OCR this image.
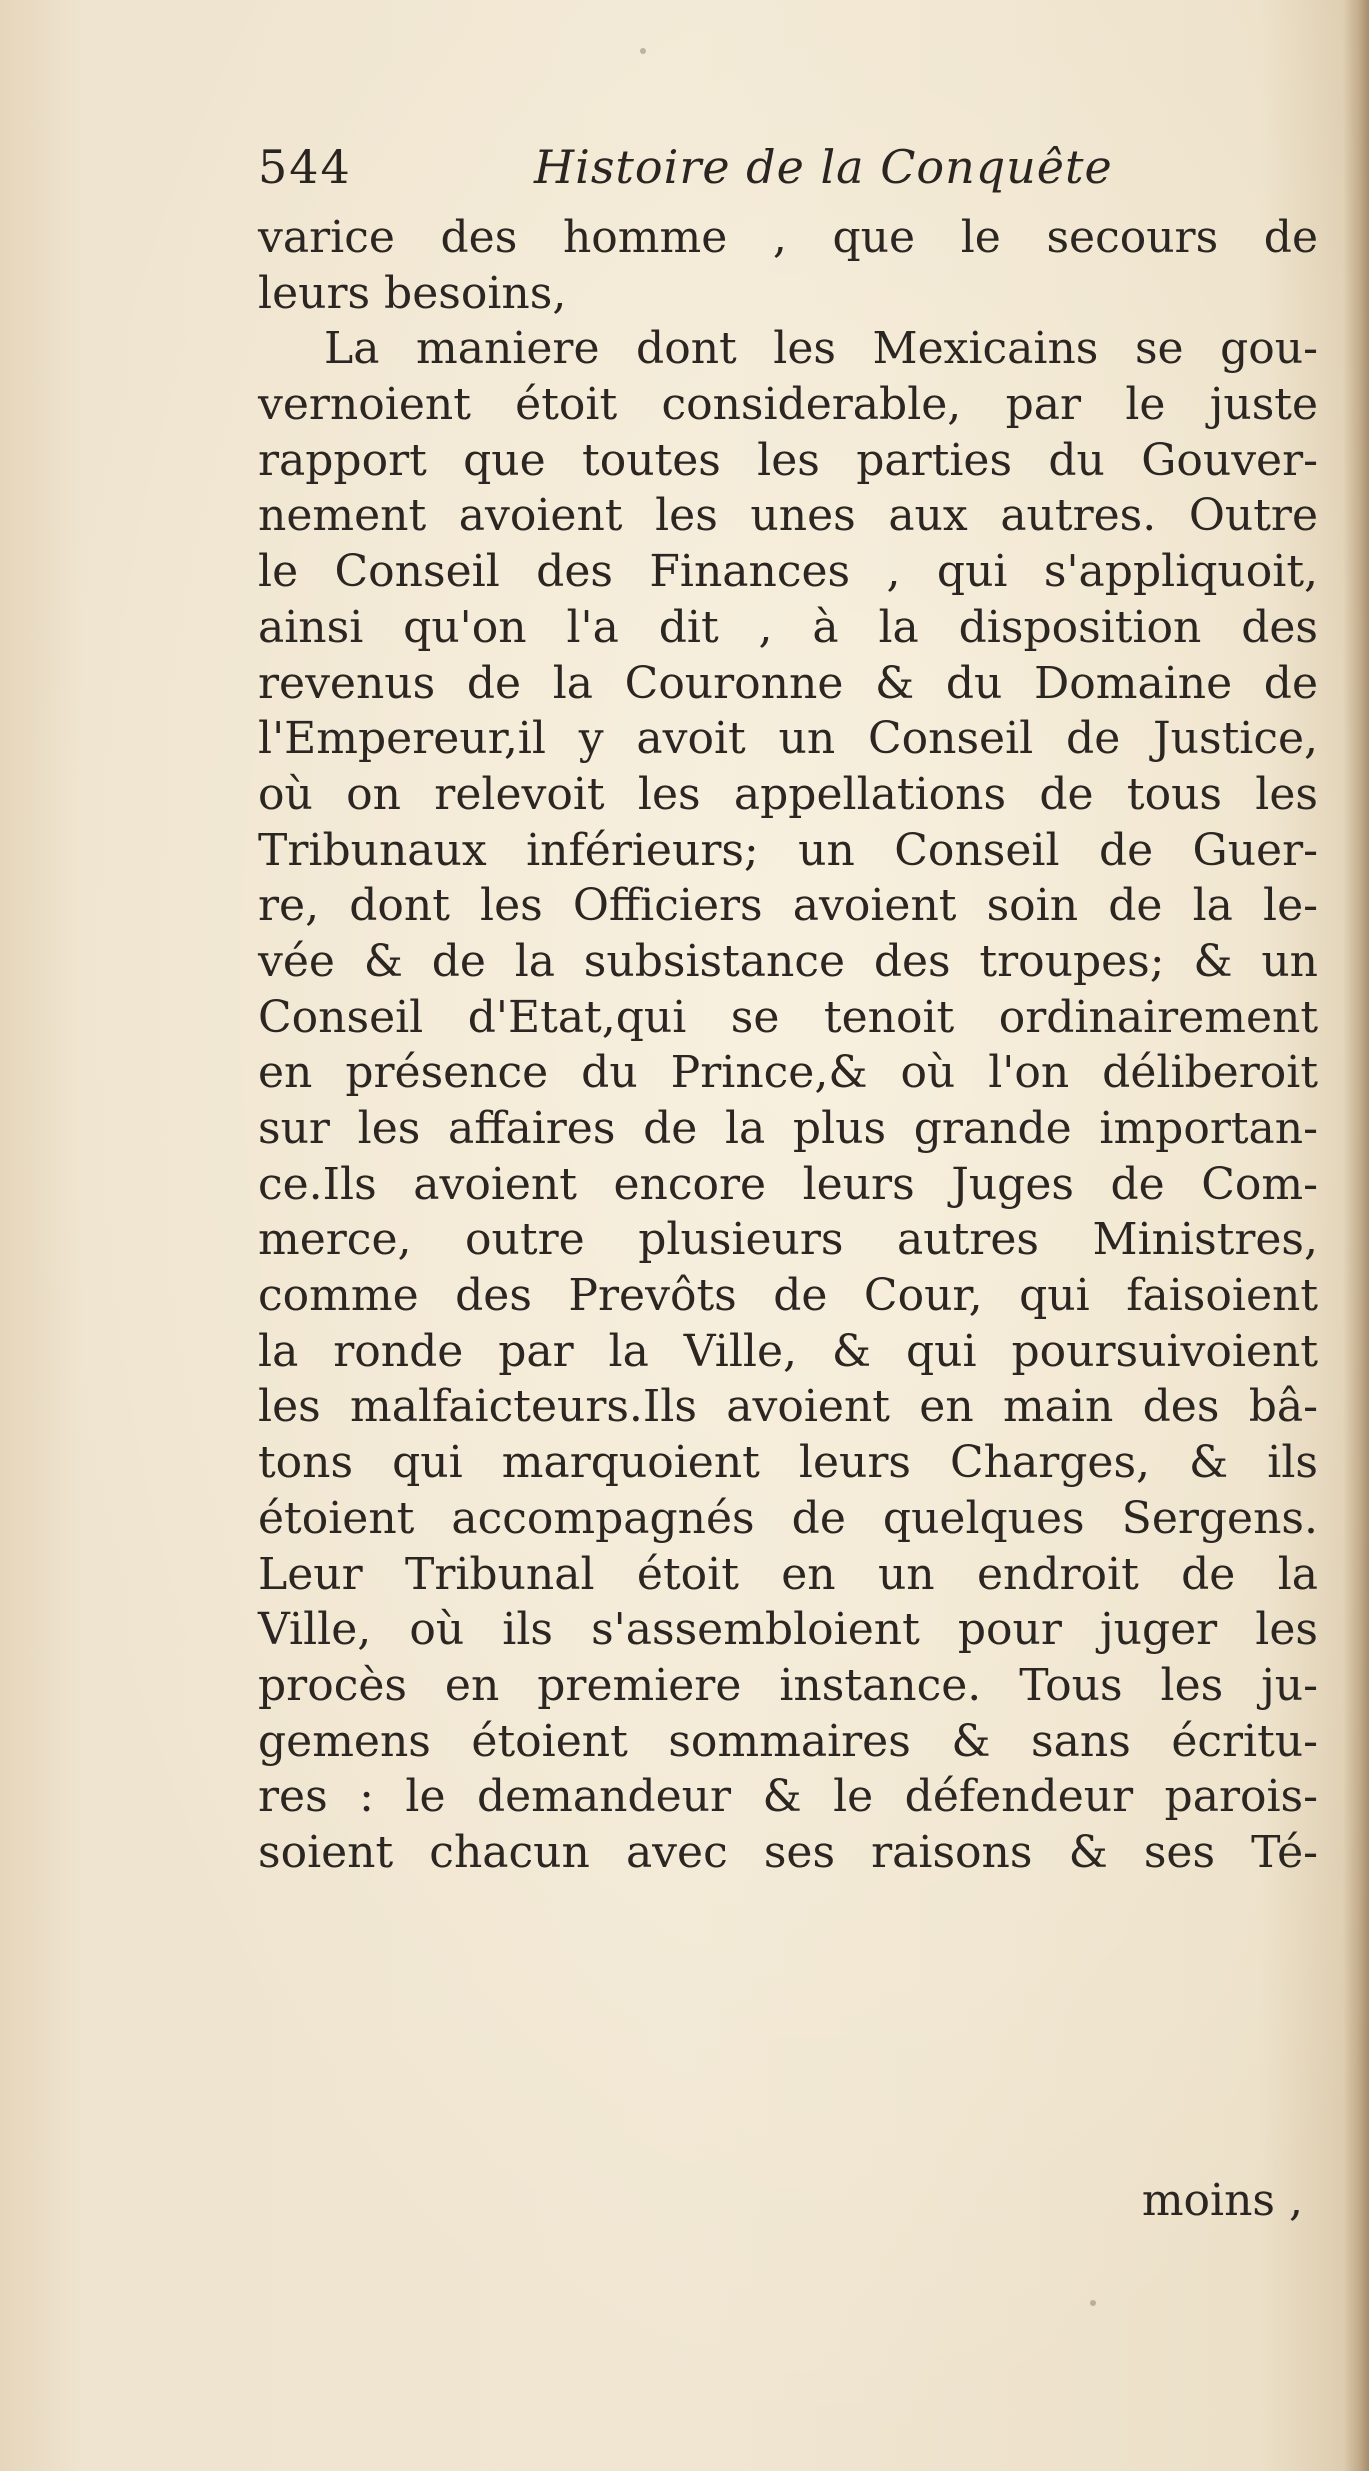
544	Histoire de la Conquête
varice des homme , que le secours de
leurs besoins,
La maniere dont les Mexicains se gou-
vernoient étoit considerable, par le juste
rapport que toutes les parties du Gouver-
nement avoient les unes aux autres. Outre
le Conseil des Finances , qui s'appliquoit,
ainsi qu'on l'a dit , à la disposition des
revenus de la Couronne & du Domaine de
l'Empereur,il y avoit un Conseil de Justice,
où on relevoit les appellations de tous les
Tribunaux inférieurs; un Conseil de Guer-
re, dont les Officiers avoient soin de la le-
vée & de la subsistance des troupes; & un
Conseil d'Etat,qui se tenoit ordinairement
en présence du Prince,& où l'on déliberoit
sur les affaires de la plus grande importan-
ce.Ils avoient encore leurs Juges de Com-
merce, outre plusieurs autres Ministres,
comme des Prevôts de Cour, qui faisoient
la ronde par la Ville, & qui poursuivoient
les malfaicteurs.Ils avoient en main des bâ-
tons qui marquoient leurs Charges, & ils
étoient accompagnés de quelques Sergens.
Leur Tribunal étoit en un endroit de la
Ville, où ils s'assembloient pour juger les
procès en premiere instance. Tous les ju-
gemens étoient sommaires & sans écritu-
res : le demandeur & le défendeur parois-
soient chacun avec ses raisons & ses Té-
moins ,
